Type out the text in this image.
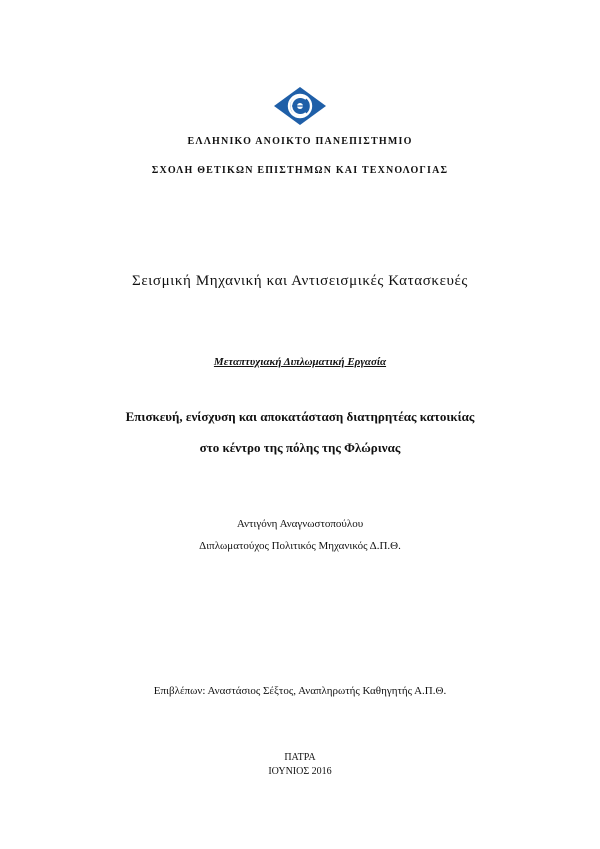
ΕΛΛΗΝΙΚΟ ΑΝΟΙΚΤΟ ΠΑΝΕΠΙΣΤΗΜΙΟ
ΣΧΟΛΗ ΘΕΤΙΚΩΝ ΕΠΙΣΤΗΜΩΝ ΚΑΙ ΤΕΧΝΟΛΟΓΙΑΣ
Σεισμική Μηχανική και Αντισεισμικές Κατασκευές
Μεταπτυχιακή Διπλωματική Εργασία
Επισκευή, ενίσχυση και αποκατάσταση διατηρητέας κατοικίας
στο κέντρο της πόλης της Φλώρινας
Αντιγόνη Αναγνωστοπούλου
Διπλωματούχος Πολιτικός Μηχανικός Δ.Π.Θ.
Επιβλέπων: Αναστάσιος Σέξτος, Αναπληρωτής Καθηγητής Α.Π.Θ.
ΠΑΤΡΑ
ΙΟΥΝΙΟΣ 2016
